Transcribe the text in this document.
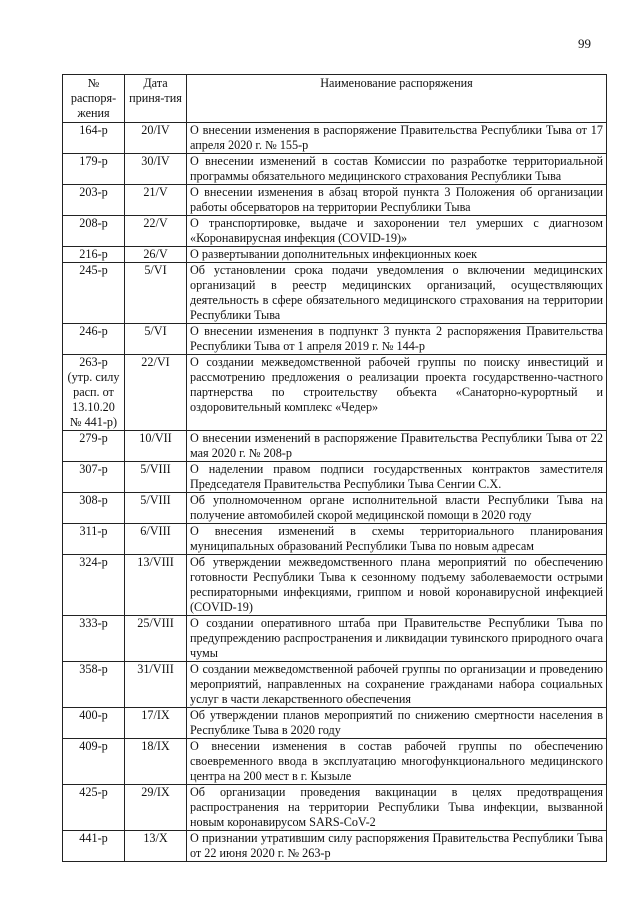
99
№ распоря-жения	Дата приня-тия	Наименование распоряжения
164-р	20/IV	О внесении изменения в распоряжение Правительства Республики Тыва от 17 апреля 2020 г. № 155-р
179-р	30/IV	О внесении изменений в состав Комиссии по разработке территориальной программы обязательного медицинского страхования Республики Тыва
203-р	21/V	О внесении изменения в абзац второй пункта 3 Положения об организации работы обсерваторов на территории Республики Тыва
208-р	22/V	О транспортировке, выдаче и захоронении тел умерших с диагнозом «Коронавирусная инфекция (COVID-19)»
216-р	26/V	О развертывании дополнительных инфекционных коек
245-р	5/VI	Об установлении срока подачи уведомления о включении медицинских организаций в реестр медицинских организаций, осуществляющих деятельность в сфере обязательного медицинского страхования на территории Республики Тыва
246-р	5/VI	О внесении изменения в подпункт 3 пункта 2 распоряжения Правительства Республики Тыва от 1 апреля 2019 г. № 144-р
263-р (утр. силу расп. от 13.10.20 № 441-р)	22/VI	О создании межведомственной рабочей группы по поиску инвестиций и рассмотрению предложения о реализации проекта государственно-частного партнерства по строительству объекта «Санаторно-курортный и оздоровительный комплекс «Чедер»
279-р	10/VII	О внесении изменений в распоряжение Правительства Республики Тыва от 22 мая 2020 г. № 208-р
307-р	5/VIII	О наделении правом подписи государственных контрактов заместителя Председателя Правительства Республики Тыва Сенгии С.Х.
308-р	5/VIII	Об уполномоченном органе исполнительной власти Республики Тыва на получение автомобилей скорой медицинской помощи в 2020 году
311-р	6/VIII	О внесения изменений в схемы территориального планирования муниципальных образований Республики Тыва по новым адресам
324-р	13/VIII	Об утверждении межведомственного плана мероприятий по обеспечению готовности Республики Тыва к сезонному подъему заболеваемости острыми респираторными инфекциями, гриппом и новой коронавирусной инфекцией (COVID-19)
333-р	25/VIII	О создании оперативного штаба при Правительстве Республики Тыва по предупреждению распространения и ликвидации тувинского природного очага чумы
358-р	31/VIII	О создании межведомственной рабочей группы по организации и проведению мероприятий, направленных на сохранение гражданами набора социальных услуг в части лекарственного обеспечения
400-р	17/IX	Об утверждении планов мероприятий по снижению смертности населения в Республике Тыва в 2020 году
409-р	18/IX	О внесении изменения в состав рабочей группы по обеспечению своевременного ввода в эксплуатацию многофункционального медицинского центра на 200 мест в г. Кызыле
425-р	29/IX	Об организации проведения вакцинации в целях предотвращения распространения на территории Республики Тыва инфекции, вызванной новым коронавирусом SARS-CoV-2
441-р	13/X	О признании утратившим силу распоряжения Правительства Республики Тыва от 22 июня 2020 г. № 263-р
